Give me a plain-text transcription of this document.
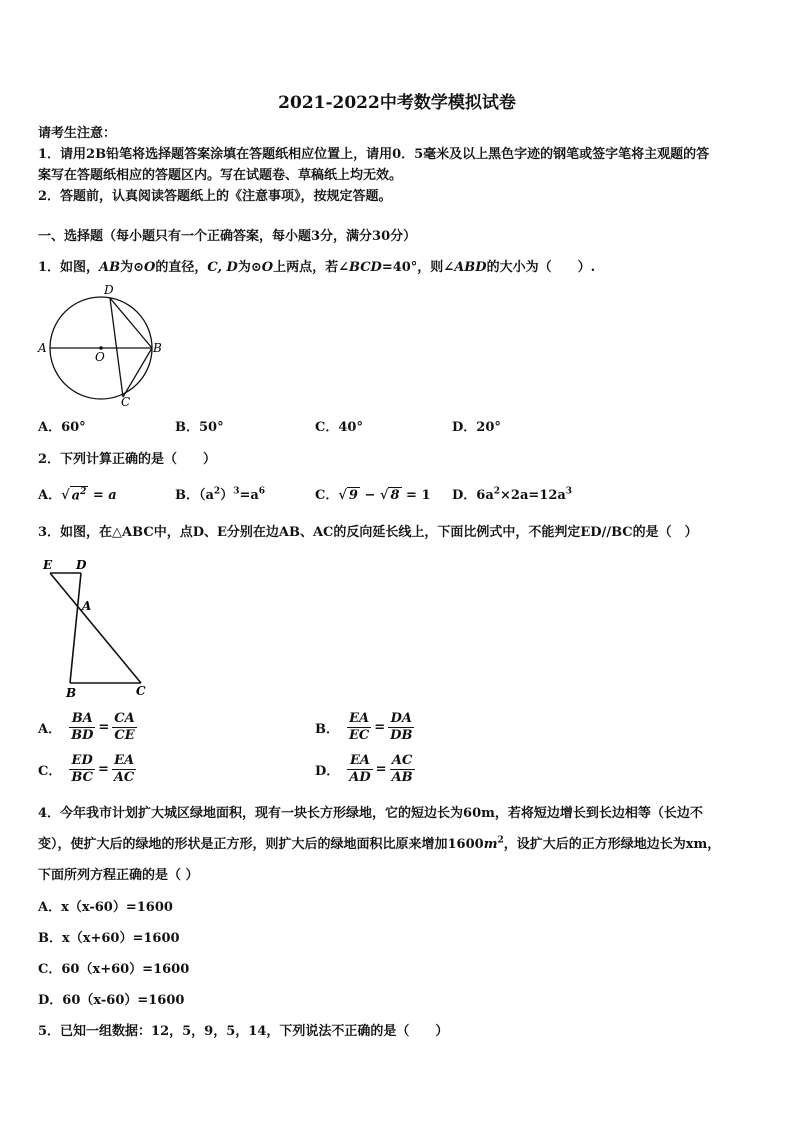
2021-2022中考数学模拟试卷
请考生注意：
1．请用2B铅笔将选择题答案涂填在答题纸相应位置上，请用0．5毫米及以上黑色字迹的钢笔或签字笔将主观题的答
案写在答题纸相应的答题区内。写在试题卷、草稿纸上均无效。
2．答题前，认真阅读答题纸上的《注意事项》，按规定答题。
一、选择题（每小题只有一个正确答案，每小题3分，满分30分）
1．如图，AB为⊙O的直径，C, D为⊙O上两点，若∠BCD=40°，则∠ABD的大小为（　　）.
D
A
O
B
C
A．60°	B．50°	C．40°	D．20°
2．下列计算正确的是（　　）
A．√ $a^2 = a$	B．$(a^2)^3=a^6$	C．√ 9 − √ 8 = 1 D．$6a^2\times 2a=12a^3$
3．如图，在△ABC中，点D、E分别在边AB、AC的反向延长线上，下面比例式中，不能判定ED//BC的是（　）
E D
A
B	C
A． $\frac{BA}{BD} = \frac{CA}{CE}$	B． $\frac{EA}{EC} = \frac{DA}{DB}$
C． $\frac{ED}{BC} = \frac{EA}{AC}$	D． $\frac{EA}{AD} = \frac{AC}{AB}$
4．今年我市计划扩大城区绿地面积，现有一块长方形绿地，它的短边长为60m，若将短边增长到长边相等（长边不
变），使扩大后的绿地的形状是正方形，则扩大后的绿地面积比原来增加$1600m^2$，设扩大后的正方形绿地边长为xm，
下面所列方程正确的是（ ）
A．x（x-60）=1600
B．x（x+60）=1600
C．60（x+60）=1600
D．60（x-60）=1600
5．已知一组数据：12，5，9，5，14，下列说法不正确的是（　　）
